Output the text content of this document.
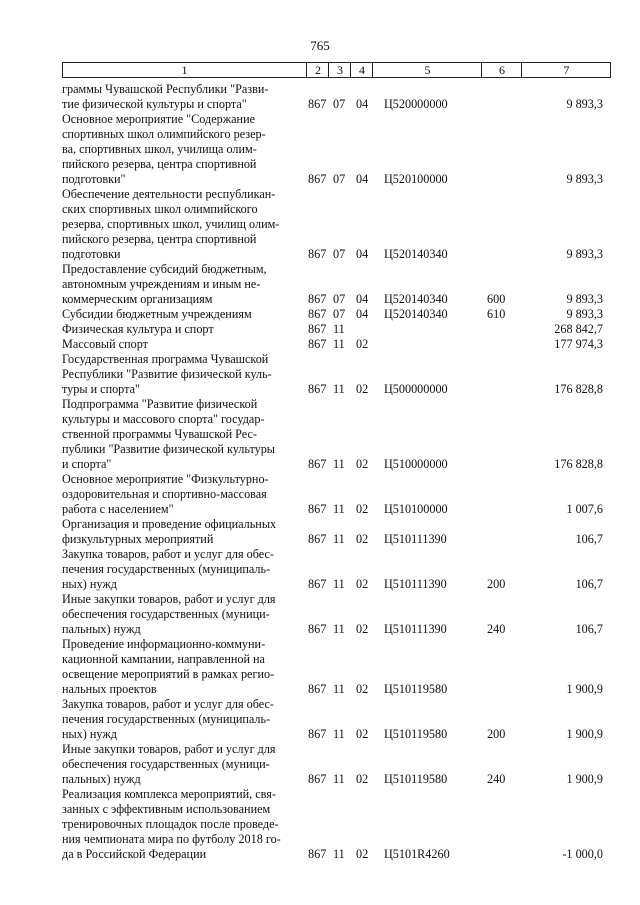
765
1	2	3	4	5	6	7
граммы Чувашской Республики "Разви-
тие физической культуры и спорта"	867 07 04 Ц520000000	9 893,3
Основное мероприятие "Содержание
спортивных школ олимпийского резер-
ва, спортивных школ, училища олим-
пийского резерва, центра спортивной
подготовки"	867 07 04 Ц520100000	9 893,3
Обеспечение деятельности республикан-
ских спортивных школ олимпийского
резерва, спортивных школ, училищ олим-
пийского резерва, центра спортивной
подготовки	867 07 04 Ц520140340	9 893,3
Предоставление субсидий бюджетным,
автономным учреждениям и иным не-
коммерческим организациям	867 07 04 Ц520140340	600	9 893,3
Субсидии бюджетным учреждениям	867 07 04 Ц520140340	610	9 893,3
Физическая культура и спорт	867 11	268 842,7
Массовый спорт	867 11 02	177 974,3
Государственная программа Чувашской
Республики "Развитие физической куль-
туры и спорта"	867 11 02 Ц500000000	176 828,8
Подпрограмма "Развитие физической
культуры и массового спорта" государ-
ственной программы Чувашской Рес-
публики "Развитие физической культуры
и спорта"	867 11 02 Ц510000000	176 828,8
Основное мероприятие "Физкультурно-
оздоровительная и спортивно-массовая
работа с населением"	867 11 02 Ц510100000	1 007,6
Организация и проведение официальных
физкультурных мероприятий	867 11 02 Ц510111390	106,7
Закупка товаров, работ и услуг для обес-
печения государственных (муниципаль-
ных) нужд	867 11 02 Ц510111390	200	106,7
Иные закупки товаров, работ и услуг для
обеспечения государственных (муници-
пальных) нужд	867 11 02 Ц510111390	240	106,7
Проведение информационно-коммуни-
кационной кампании, направленной на
освещение мероприятий в рамках регио-
нальных проектов	867 11 02 Ц510119580	1 900,9
Закупка товаров, работ и услуг для обес-
печения государственных (муниципаль-
ных) нужд	867 11 02 Ц510119580	200	1 900,9
Иные закупки товаров, работ и услуг для
обеспечения государственных (муници-
пальных) нужд	867 11 02 Ц510119580	240	1 900,9
Реализация комплекса мероприятий, свя-
занных с эффективным использованием
тренировочных площадок после проведе-
ния чемпионата мира по футболу 2018 го-
да в Российской Федерации	867 11 02 Ц5101R4260	-1 000,0
